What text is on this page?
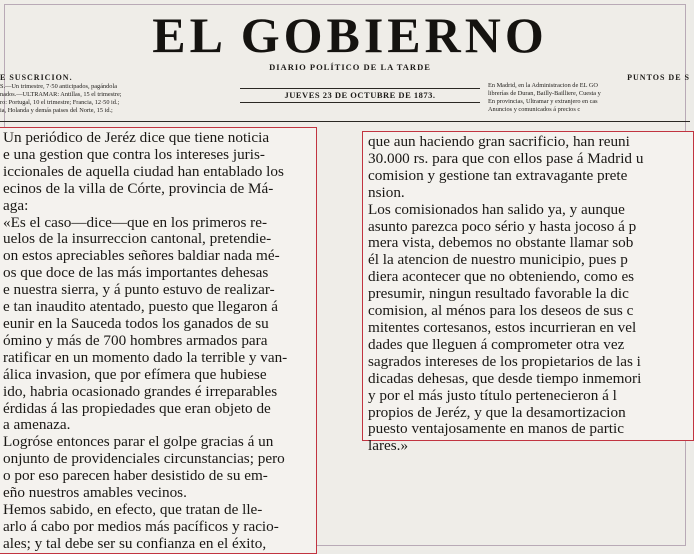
EL GOBIERNO
DIARIO POLÍTICO DE LA TARDE
E SUSCRICION.
S.—Un trimestre, 7·50 anticipados, pagándola
nados.—ULTRAMAR: Antillas, 15 el trimestre;
ro: Portugal, 10 el trimestre; Francia, 12·50 id.;
ia, Holanda y demás paises del Norte, 15 id.;
JUEVES 23 DE OCTUBRE DE 1873.
PUNTOS DE S
En Madrid, en la Administracion de EL GO
librerías de Duran, Bailly-Bailliere, Cuesta y
En provincias, Ultramar y extranjero en cas
Anuncios y comunicados á precios c

Un periódico de Jeréz dice que tiene noticia

e una gestion que contra los intereses juris-

iccionales de aquella ciudad han entablado los

ecinos de la villa de Córte, provincia de Má-

aga:

«Es el caso—dice—que en los primeros re-

uelos de la insurreccion cantonal, pretendie-

on estos apreciables señores baldiar nada mé-

os que doce de las más importantes dehesas

e nuestra sierra, y á punto estuvo de realizar-

e tan inaudito atentado, puesto que llegaron á

eunir en la Sauceda todos los ganados de su

ómino y más de 700 hombres armados para

ratificar en un momento dado la terrible y van-

álica invasion, que por efímera que hubiese

ido, habria ocasionado grandes é irreparables

érdidas á las propiedades que eran objeto de

a amenaza.

Logróse entonces parar el golpe gracias á un

onjunto de providenciales circunstancias; pero

o por eso parecen haber desistido de su em-

eño nuestros amables vecinos.

Hemos sabido, en efecto, que tratan de lle-

arlo á cabo por medios más pacíficos y racio-

ales; y tal debe ser su confianza en el éxito,

que aun haciendo gran sacrificio, han reuni

30.000 rs. para que con ellos pase á Madrid u

comision y gestione tan extravagante prete

nsion.

Los comisionados han salido ya, y aunque

asunto parezca poco sério y hasta jocoso á p

mera vista, debemos no obstante llamar sob

él la atencion de nuestro municipio, pues p

diera acontecer que no obteniendo, como es

presumir, ningun resultado favorable la dic

comision, al ménos para los deseos de sus c

mitentes cortesanos, estos incurrieran en vel

dades que lleguen á comprometer otra vez

sagrados intereses de los propietarios de las i

dicadas dehesas, que desde tiempo inmemori

y por el más justo título pertenecieron á l

propios de Jeréz, y que la desamortizacion

puesto ventajosamente en manos de partic

lares.»
